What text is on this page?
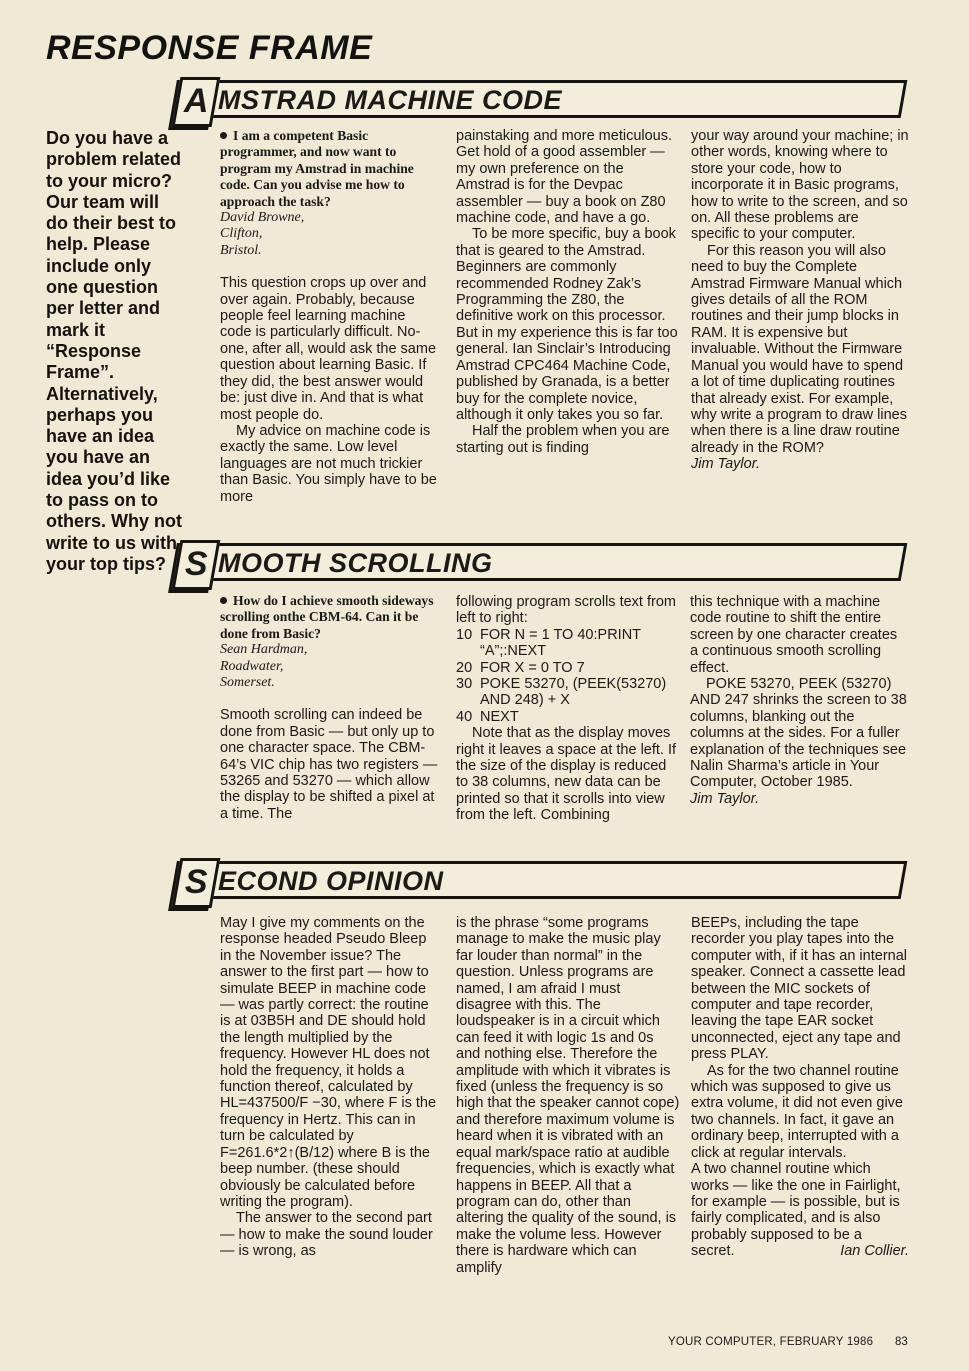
RESPONSE FRAME
A MSTRAD MACHINE CODE
Do you have a problem related to your micro? Our team will do their best to help. Please include only one question per letter and mark it “Response Frame”. Alternatively, perhaps you have an idea you have an idea you’d like to pass on to others. Why not write to us with your top tips?

I am a competent Basic programmer, and now want to program my Amstrad in machine code. Can you advise me how to approach the task?

David Browne,
Clifton,
Bristol.

This question crops up over and over again. Probably, because people feel learning machine code is particularly difficult. No-one, after all, would ask the same question about learning Basic. If they did, the best answer would be: just dive in. And that is what most people do.

My advice on machine code is exactly the same. Low level languages are not much trickier than Basic. You simply have to be more

painstaking and more meticulous. Get hold of a good assembler — my own preference on the Amstrad is for the Devpac assembler — buy a book on Z80 machine code, and have a go.

To be more specific, buy a book that is geared to the Amstrad. Beginners are commonly recommended Rodney Zak’s Programming the Z80, the definitive work on this processor. But in my experience this is far too general. Ian Sinclair’s Introducing Amstrad CPC464 Machine Code, published by Granada, is a better buy for the complete novice, although it only takes you so far.

Half the problem when you are starting out is finding

your way around your machine; in other words, knowing where to store your code, how to incorporate it in Basic programs, how to write to the screen, and so on. All these problems are specific to your computer.

For this reason you will also need to buy the Complete Amstrad Firmware Manual which gives details of all the ROM routines and their jump blocks in RAM. It is expensive but invaluable. Without the Firmware Manual you would have to spend a lot of time duplicating routines that already exist. For example, why write a program to draw lines when there is a line draw routine already in the ROM?

Jim Taylor.

S MOOTH SCROLLING

How do I achieve smooth sideways scrolling onthe CBM-64. Can it be done from Basic?

Sean Hardman,
Roadwater,
Somerset.

Smooth scrolling can indeed be done from Basic — but only up to one character space. The CBM-64’s VIC chip has two registers — 53265 and 53270 — which allow the display to be shifted a pixel at a time. The

following program scrolls text from left to right:

10 FOR N = 1 TO 40:PRINT
“A”;:NEXT
20 FOR X = 0 TO 7
30 POKE 53270, (PEEK(53270)
AND 248) + X
40 NEXT

Note that as the display moves right it leaves a space at the left. If the size of the display is reduced to 38 columns, new data can be printed so that it scrolls into view from the left. Combining

this technique with a machine code routine to shift the entire screen by one character creates a continuous smooth scrolling effect.

POKE 53270, PEEK (53270) AND 247 shrinks the screen to 38 columns, blanking out the columns at the sides. For a fuller explanation of the techniques see Nalin Sharma’s article in Your Computer, October 1985.

Jim Taylor.

S ECOND OPINION

May I give my comments on the response headed Pseudo Bleep in the November issue? The answer to the first part — how to simulate BEEP in machine code — was partly correct: the routine is at 03B5H and DE should hold the length multiplied by the frequency. However HL does not hold the frequency, it holds a function thereof, calculated by HL=437500/F −30, where F is the frequency in Hertz. This can in turn be calculated by F=261.6*2↑(B/12) where B is the beep number. (these should obviously be calculated before writing the program).

The answer to the second part — how to make the sound louder — is wrong, as

is the phrase “some programs manage to make the music play far louder than normal” in the question. Unless programs are named, I am afraid I must disagree with this. The loudspeaker is in a circuit which can feed it with logic 1s and 0s and nothing else. Therefore the amplitude with which it vibrates is fixed (unless the frequency is so high that the speaker cannot cope) and therefore maximum volume is heard when it is vibrated with an equal mark/space ratio at audible frequencies, which is exactly what happens in BEEP. All that a program can do, other than altering the quality of the sound, is make the volume less. However there is hardware which can amplify

BEEPs, including the tape recorder you play tapes into the computer with, if it has an internal speaker. Connect a cassette lead between the MIC sockets of computer and tape recorder, leaving the tape EAR socket unconnected, eject any tape and press PLAY.

As for the two channel routine which was supposed to give us extra volume, it did not even give two channels. In fact, it gave an ordinary beep, interrupted with a click at regular intervals.

A two channel routine which works — like the one in Fairlight, for example — is possible, but is fairly complicated, and is also probably supposed to be a secret.	Ian Collier.

YOUR COMPUTER, FEBRUARY 1986 83
